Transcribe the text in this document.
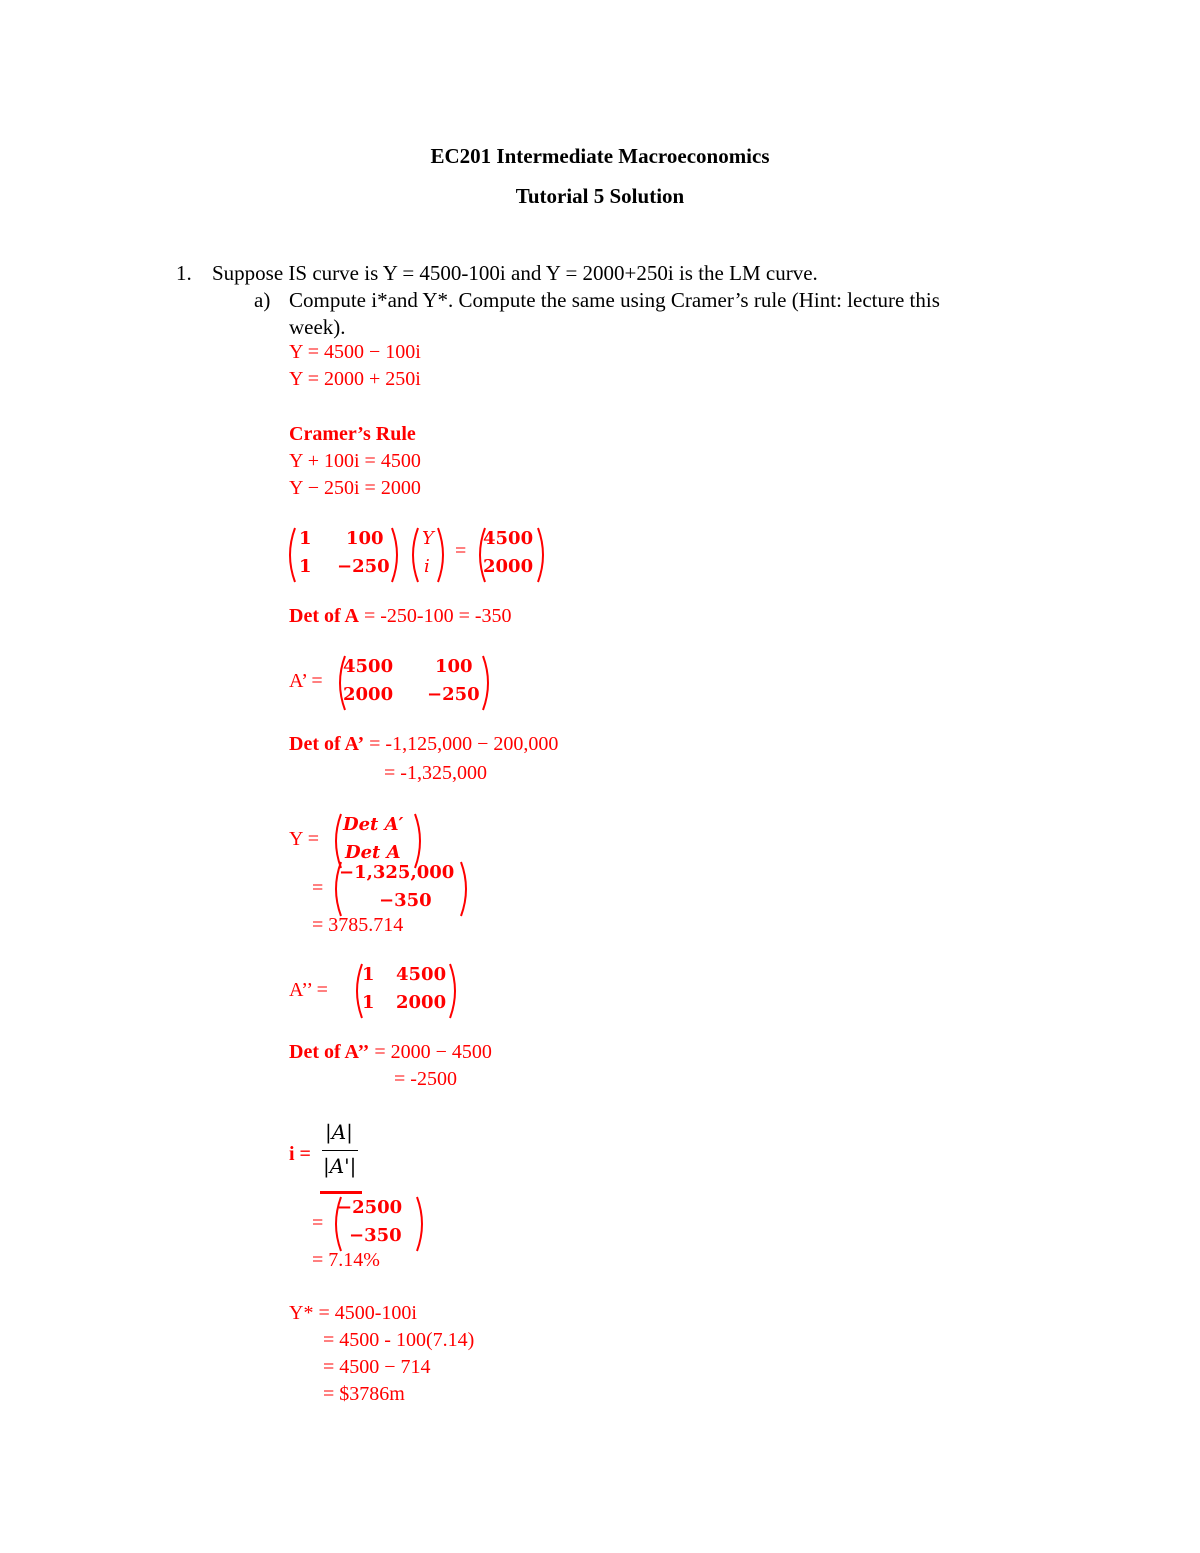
EC201 Intermediate Macroeconomics
Tutorial 5 Solution
1. Suppose IS curve is Y = 4500-100i and Y = 2000+250i is the LM curve.
a) Compute i*and Y*. Compute the same using Cramer’s rule (Hint: lecture this
week).
Y = 4500 − 100i
Y = 2000 + 250i
Cramer’s Rule
Y + 100i = 4500
Y − 250i = 2000
1 100
1 −250
Y
i
=
4500
2000
Det of A = -250-100 = -350
A’ =
4500 100
2000 −250
Det of A’ = -1,125,000 − 200,000
= -1,325,000
Y =
Det A′
Det A
=
−1,325,000
−350
= 3785.714
A’’ =
1 4500
1 2000
Det of A’’ = 2000 − 4500
= -2500
i =
|A|
|A'|
=
−2500
−350
= 7.14%
Y* = 4500-100i
= 4500 - 100(7.14)
= 4500 − 714
= $3786m
